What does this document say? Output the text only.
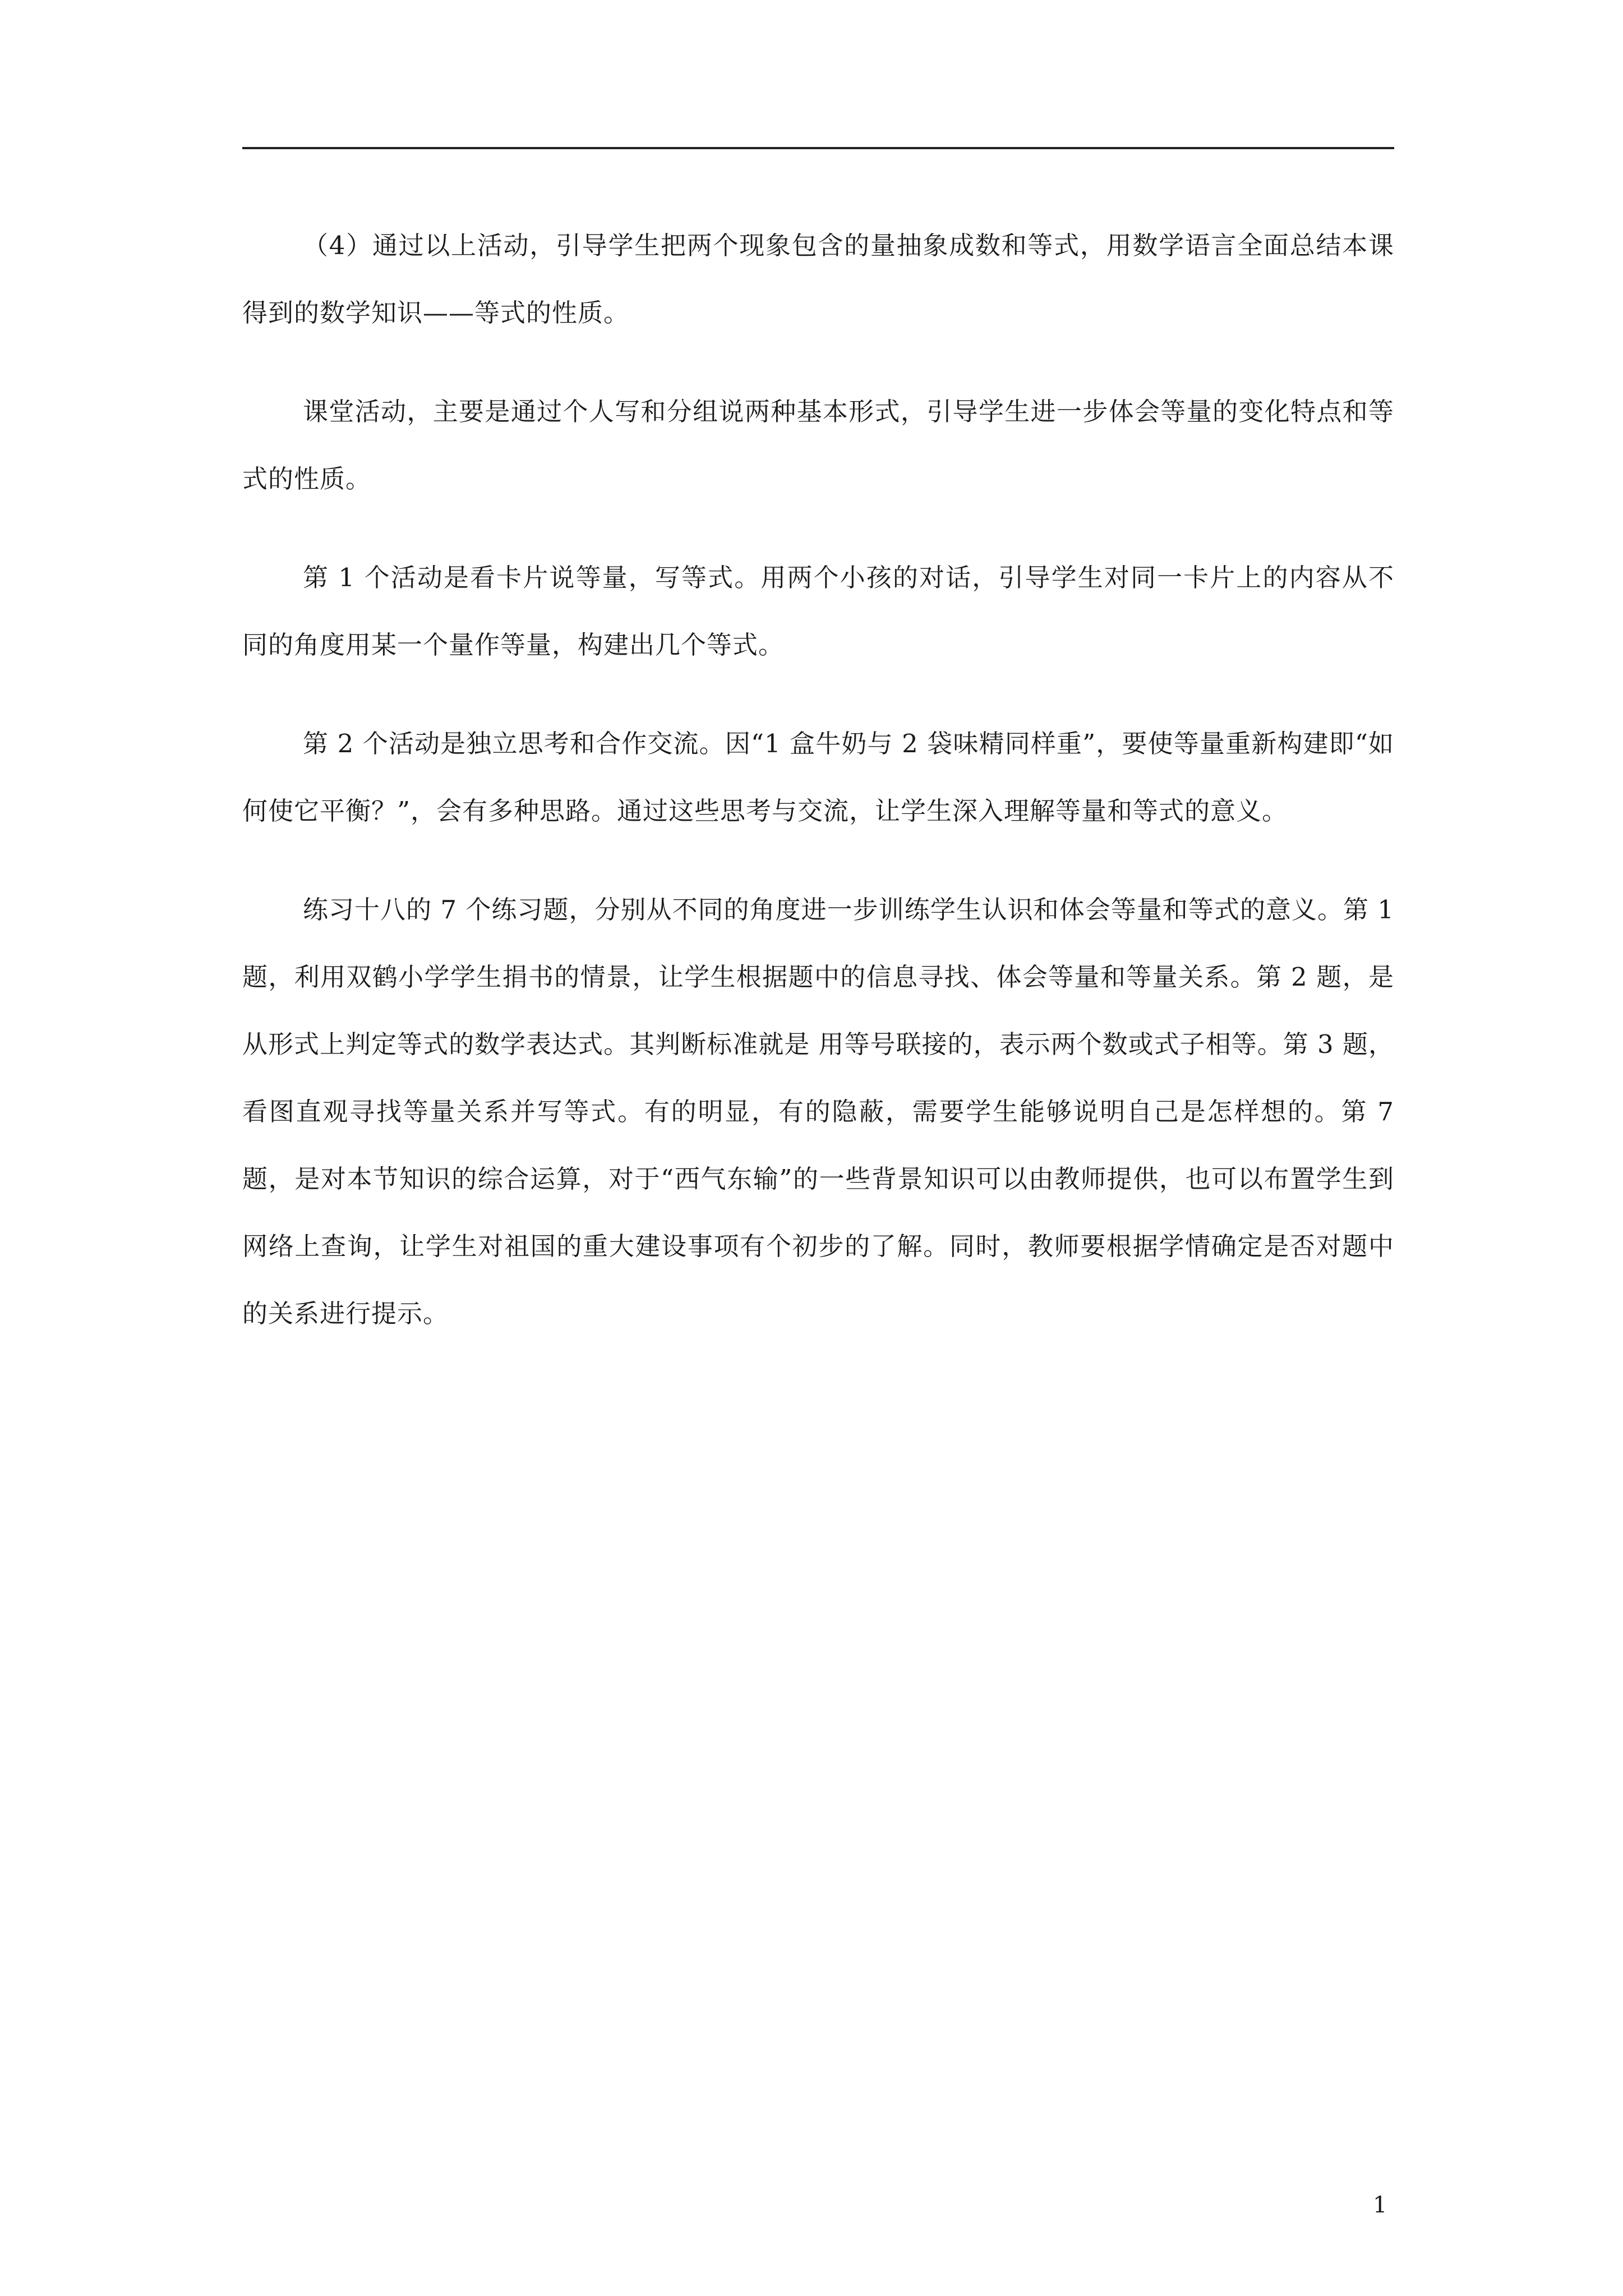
（4）通过以上活动，引导学生把两个现象包含的量抽象成数和等式，用数学语言全面总结本课得到的数学知识——等式的性质。

课堂活动，主要是通过个人写和分组说两种基本形式，引导学生进一步体会等量的变化特点和等式的性质。

第 1 个活动是看卡片说等量，写等式。用两个小孩的对话，引导学生对同一卡片上的内容从不同的角度用某一个量作等量，构建出几个等式。

第 2 个活动是独立思考和合作交流。因“1 盒牛奶与 2 袋味精同样重”，要使等量重新构建即“如何使它平衡？”，会有多种思路。通过这些思考与交流，让学生深入理解等量和等式的意义。

练习十八的 7 个练习题，分别从不同的角度进一步训练学生认识和体会等量和等式的意义。第 1 题，利用双鹤小学学生捐书的情景，让学生根据题中的信息寻找、体会等量和等量关系。第 2 题，是从形式上判定等式的数学表达式。其判断标准就是 用等号联接的，表示两个数或式子相等。第 3 题，看图直观寻找等量关系并写等式。有的明显，有的隐蔽，需要学生能够说明自己是怎样想的。第 7 题，是对本节知识的综合运算，对于“西气东输”的一些背景知识可以由教师提供，也可以布置学生到网络上查询，让学生对祖国的重大建设事项有个初步的了解。同时，教师要根据学情确定是否对题中的关系进行提示。

1
